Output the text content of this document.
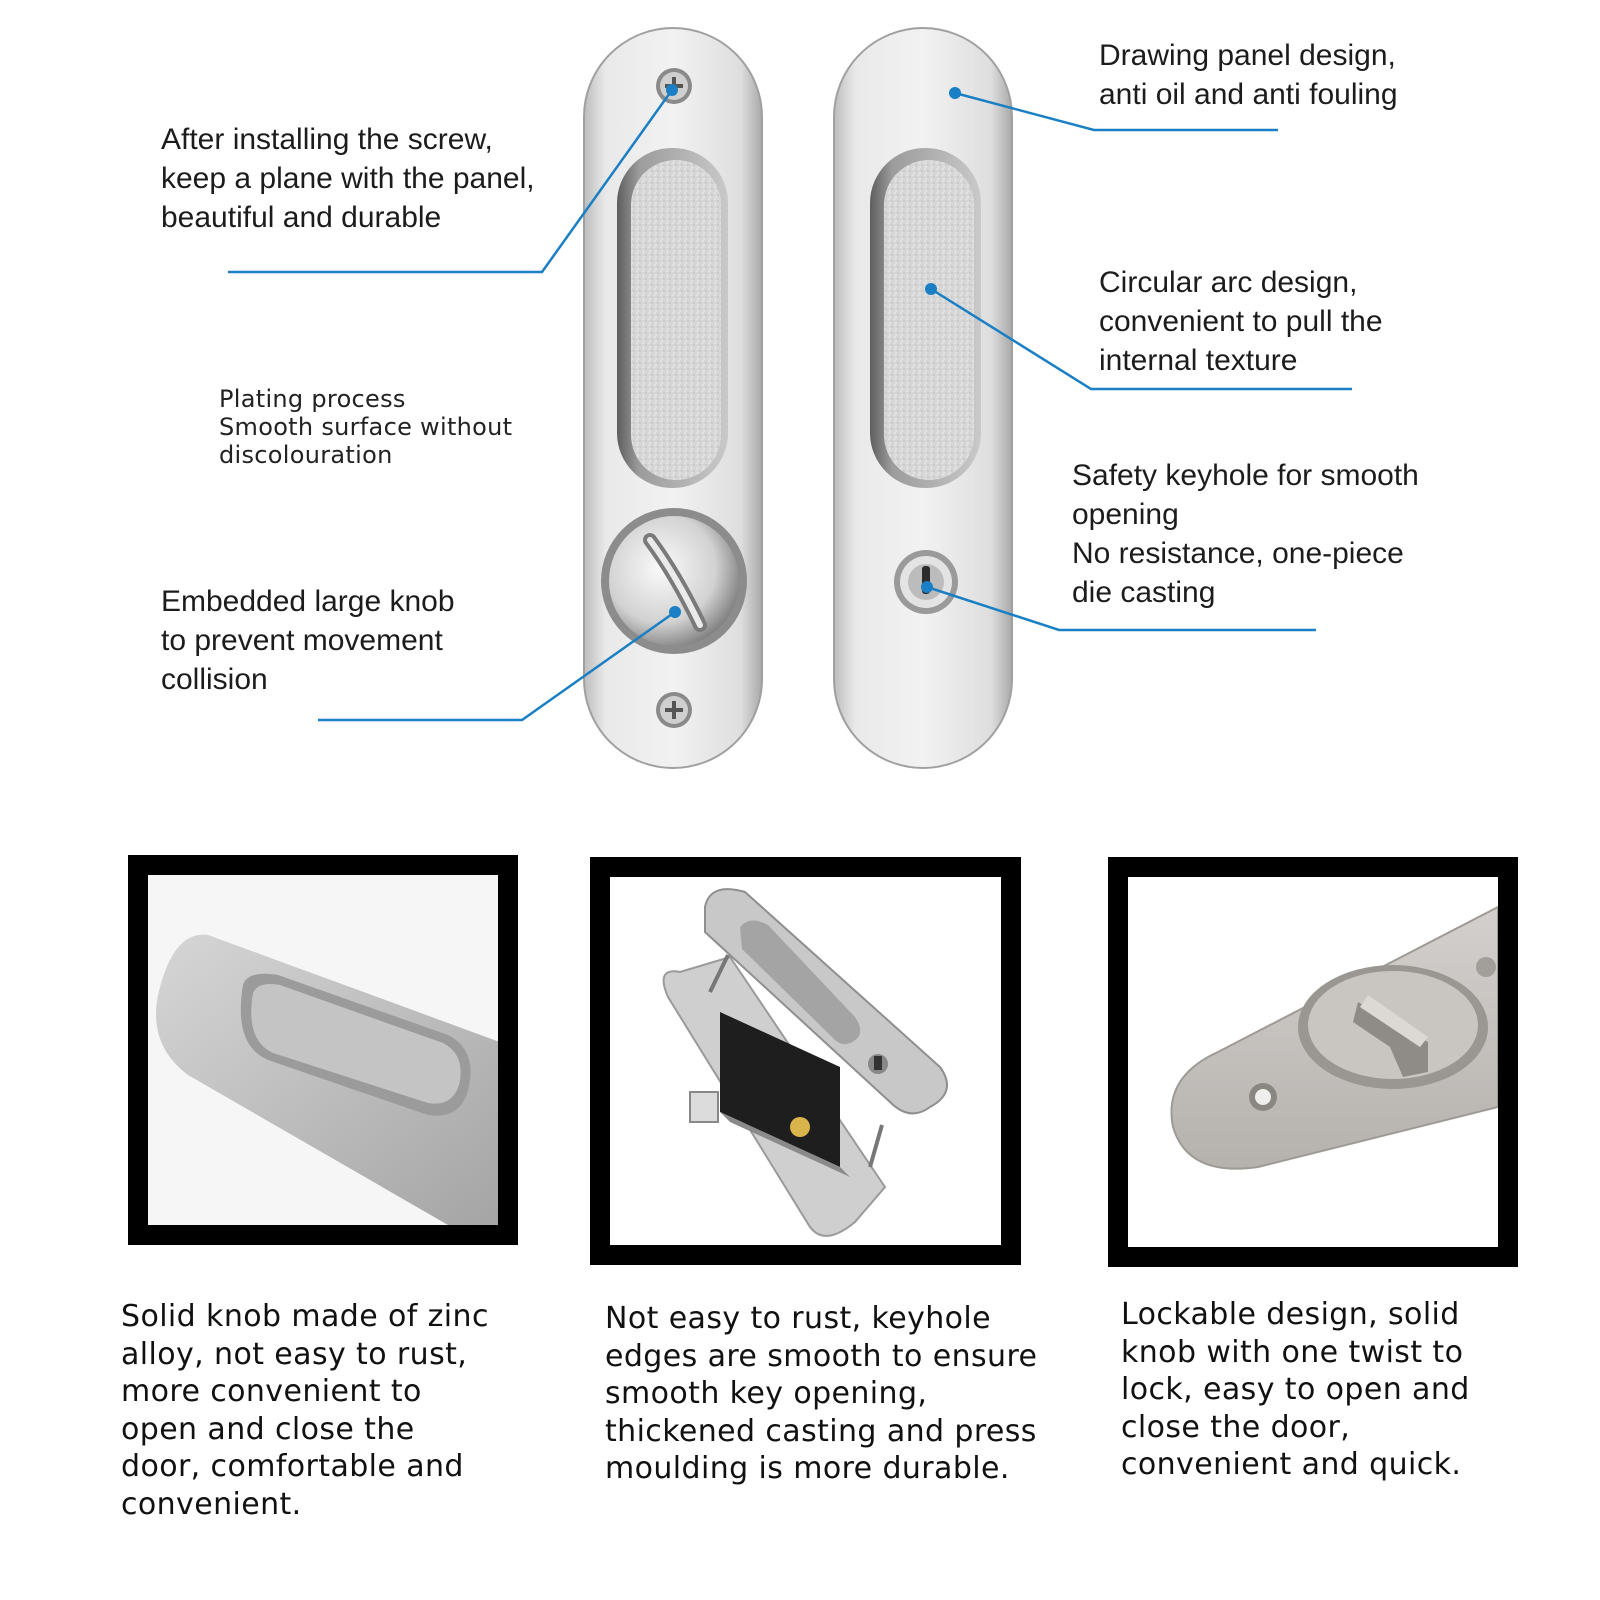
After installing the screw,
keep a plane with the panel,
beautiful and durable
Plating process
Smooth surface without
discolouration
Embedded large knob
to prevent movement
collision
Drawing panel design,
anti oil and anti fouling
Circular arc design,
convenient to pull the
internal texture
Safety keyhole for smooth
opening
No resistance, one-piece
die casting
Solid knob made of zinc
alloy, not easy to rust,
more convenient to
open and close the
door, comfortable and
convenient.
Not easy to rust, keyhole
edges are smooth to ensure
smooth key opening,
thickened casting and press
moulding is more durable.
Lockable design, solid
knob with one twist to
lock, easy to open and
close the door,
convenient and quick.
